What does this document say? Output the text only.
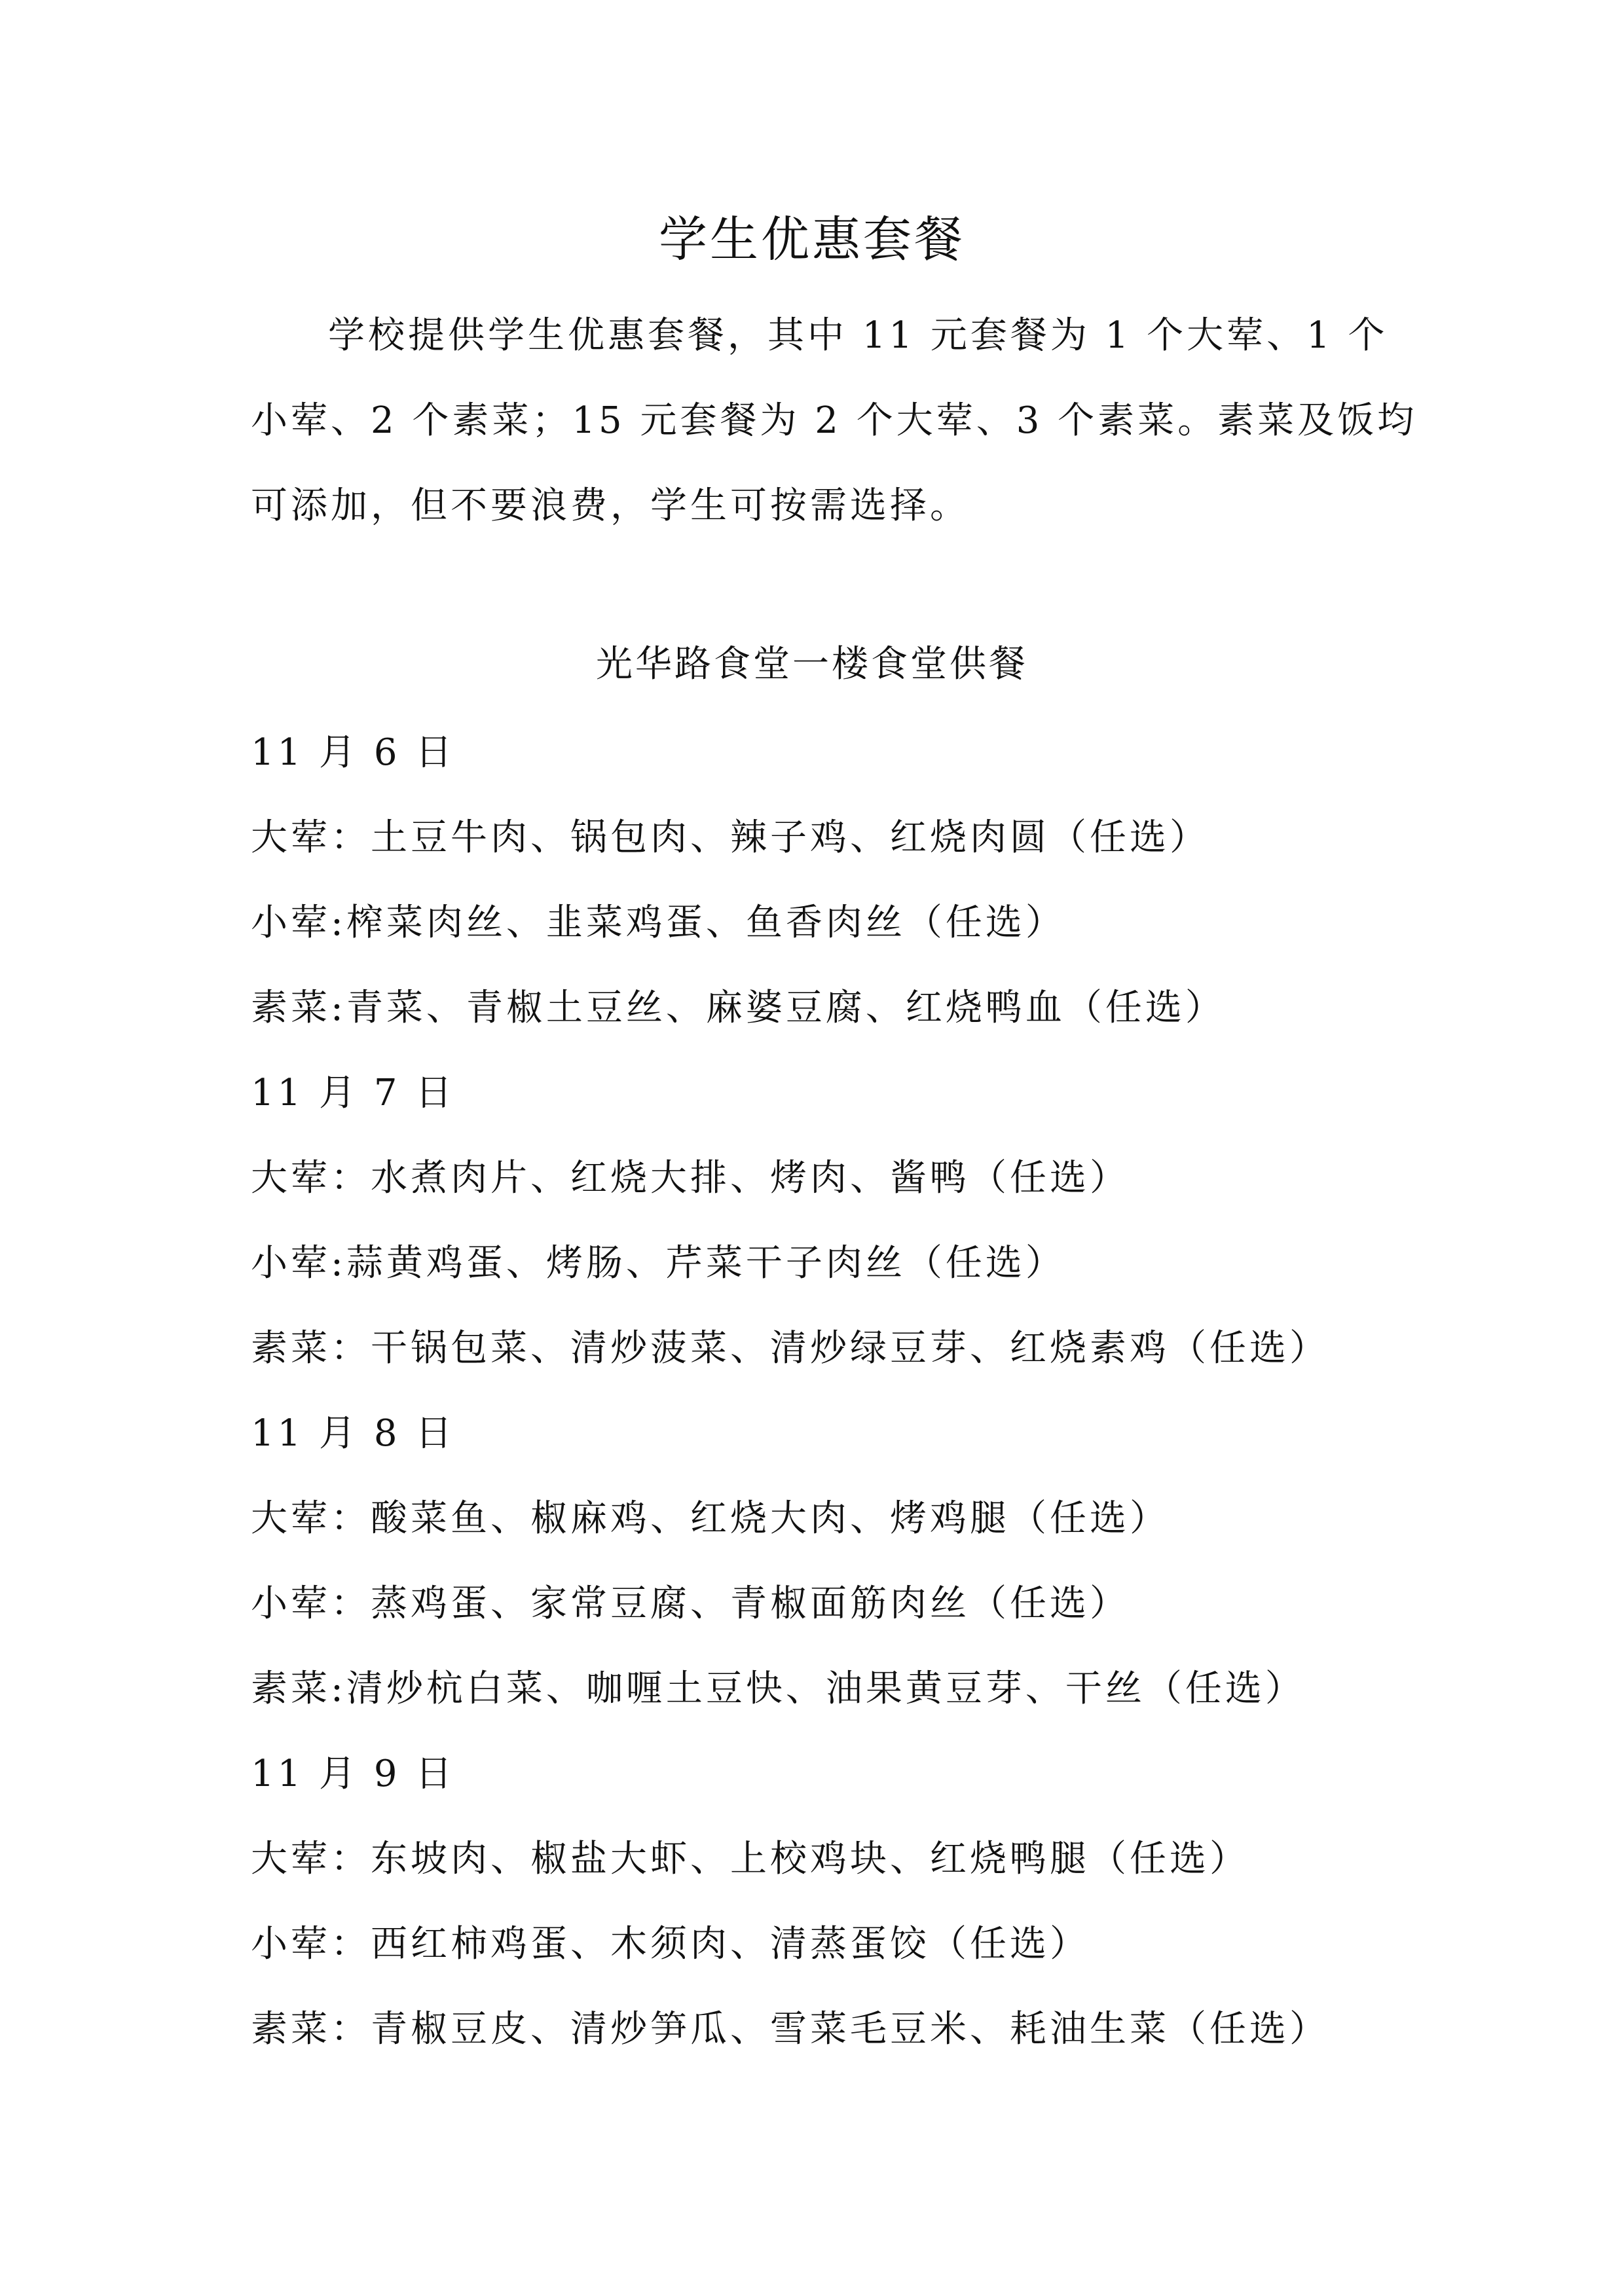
学生优惠套餐
学校提供学生优惠套餐，其中 11 元套餐为 1 个大荤、1 个
小荤、2 个素菜；15 元套餐为 2 个大荤、3 个素菜。素菜及饭均
可添加，但不要浪费，学生可按需选择。
光华路食堂一楼食堂供餐
11 月 6 日
大荤：土豆牛肉、锅包肉、辣子鸡、红烧肉圆（任选）
小荤:榨菜肉丝、韭菜鸡蛋、鱼香肉丝（任选）
素菜:青菜、青椒土豆丝、麻婆豆腐、红烧鸭血（任选）
11 月 7 日
大荤：水煮肉片、红烧大排、烤肉、酱鸭（任选）
小荤:蒜黄鸡蛋、烤肠、芹菜干子肉丝（任选）
素菜：干锅包菜、清炒菠菜、清炒绿豆芽、红烧素鸡（任选）
11 月 8 日
大荤：酸菜鱼、椒麻鸡、红烧大肉、烤鸡腿（任选）
小荤：蒸鸡蛋、家常豆腐、青椒面筋肉丝（任选）
素菜:清炒杭白菜、咖喱土豆快、油果黄豆芽、干丝（任选）
11 月 9 日
大荤：东坡肉、椒盐大虾、上校鸡块、红烧鸭腿（任选）
小荤：西红柿鸡蛋、木须肉、清蒸蛋饺（任选）
素菜：青椒豆皮、清炒笋瓜、雪菜毛豆米、耗油生菜（任选）
